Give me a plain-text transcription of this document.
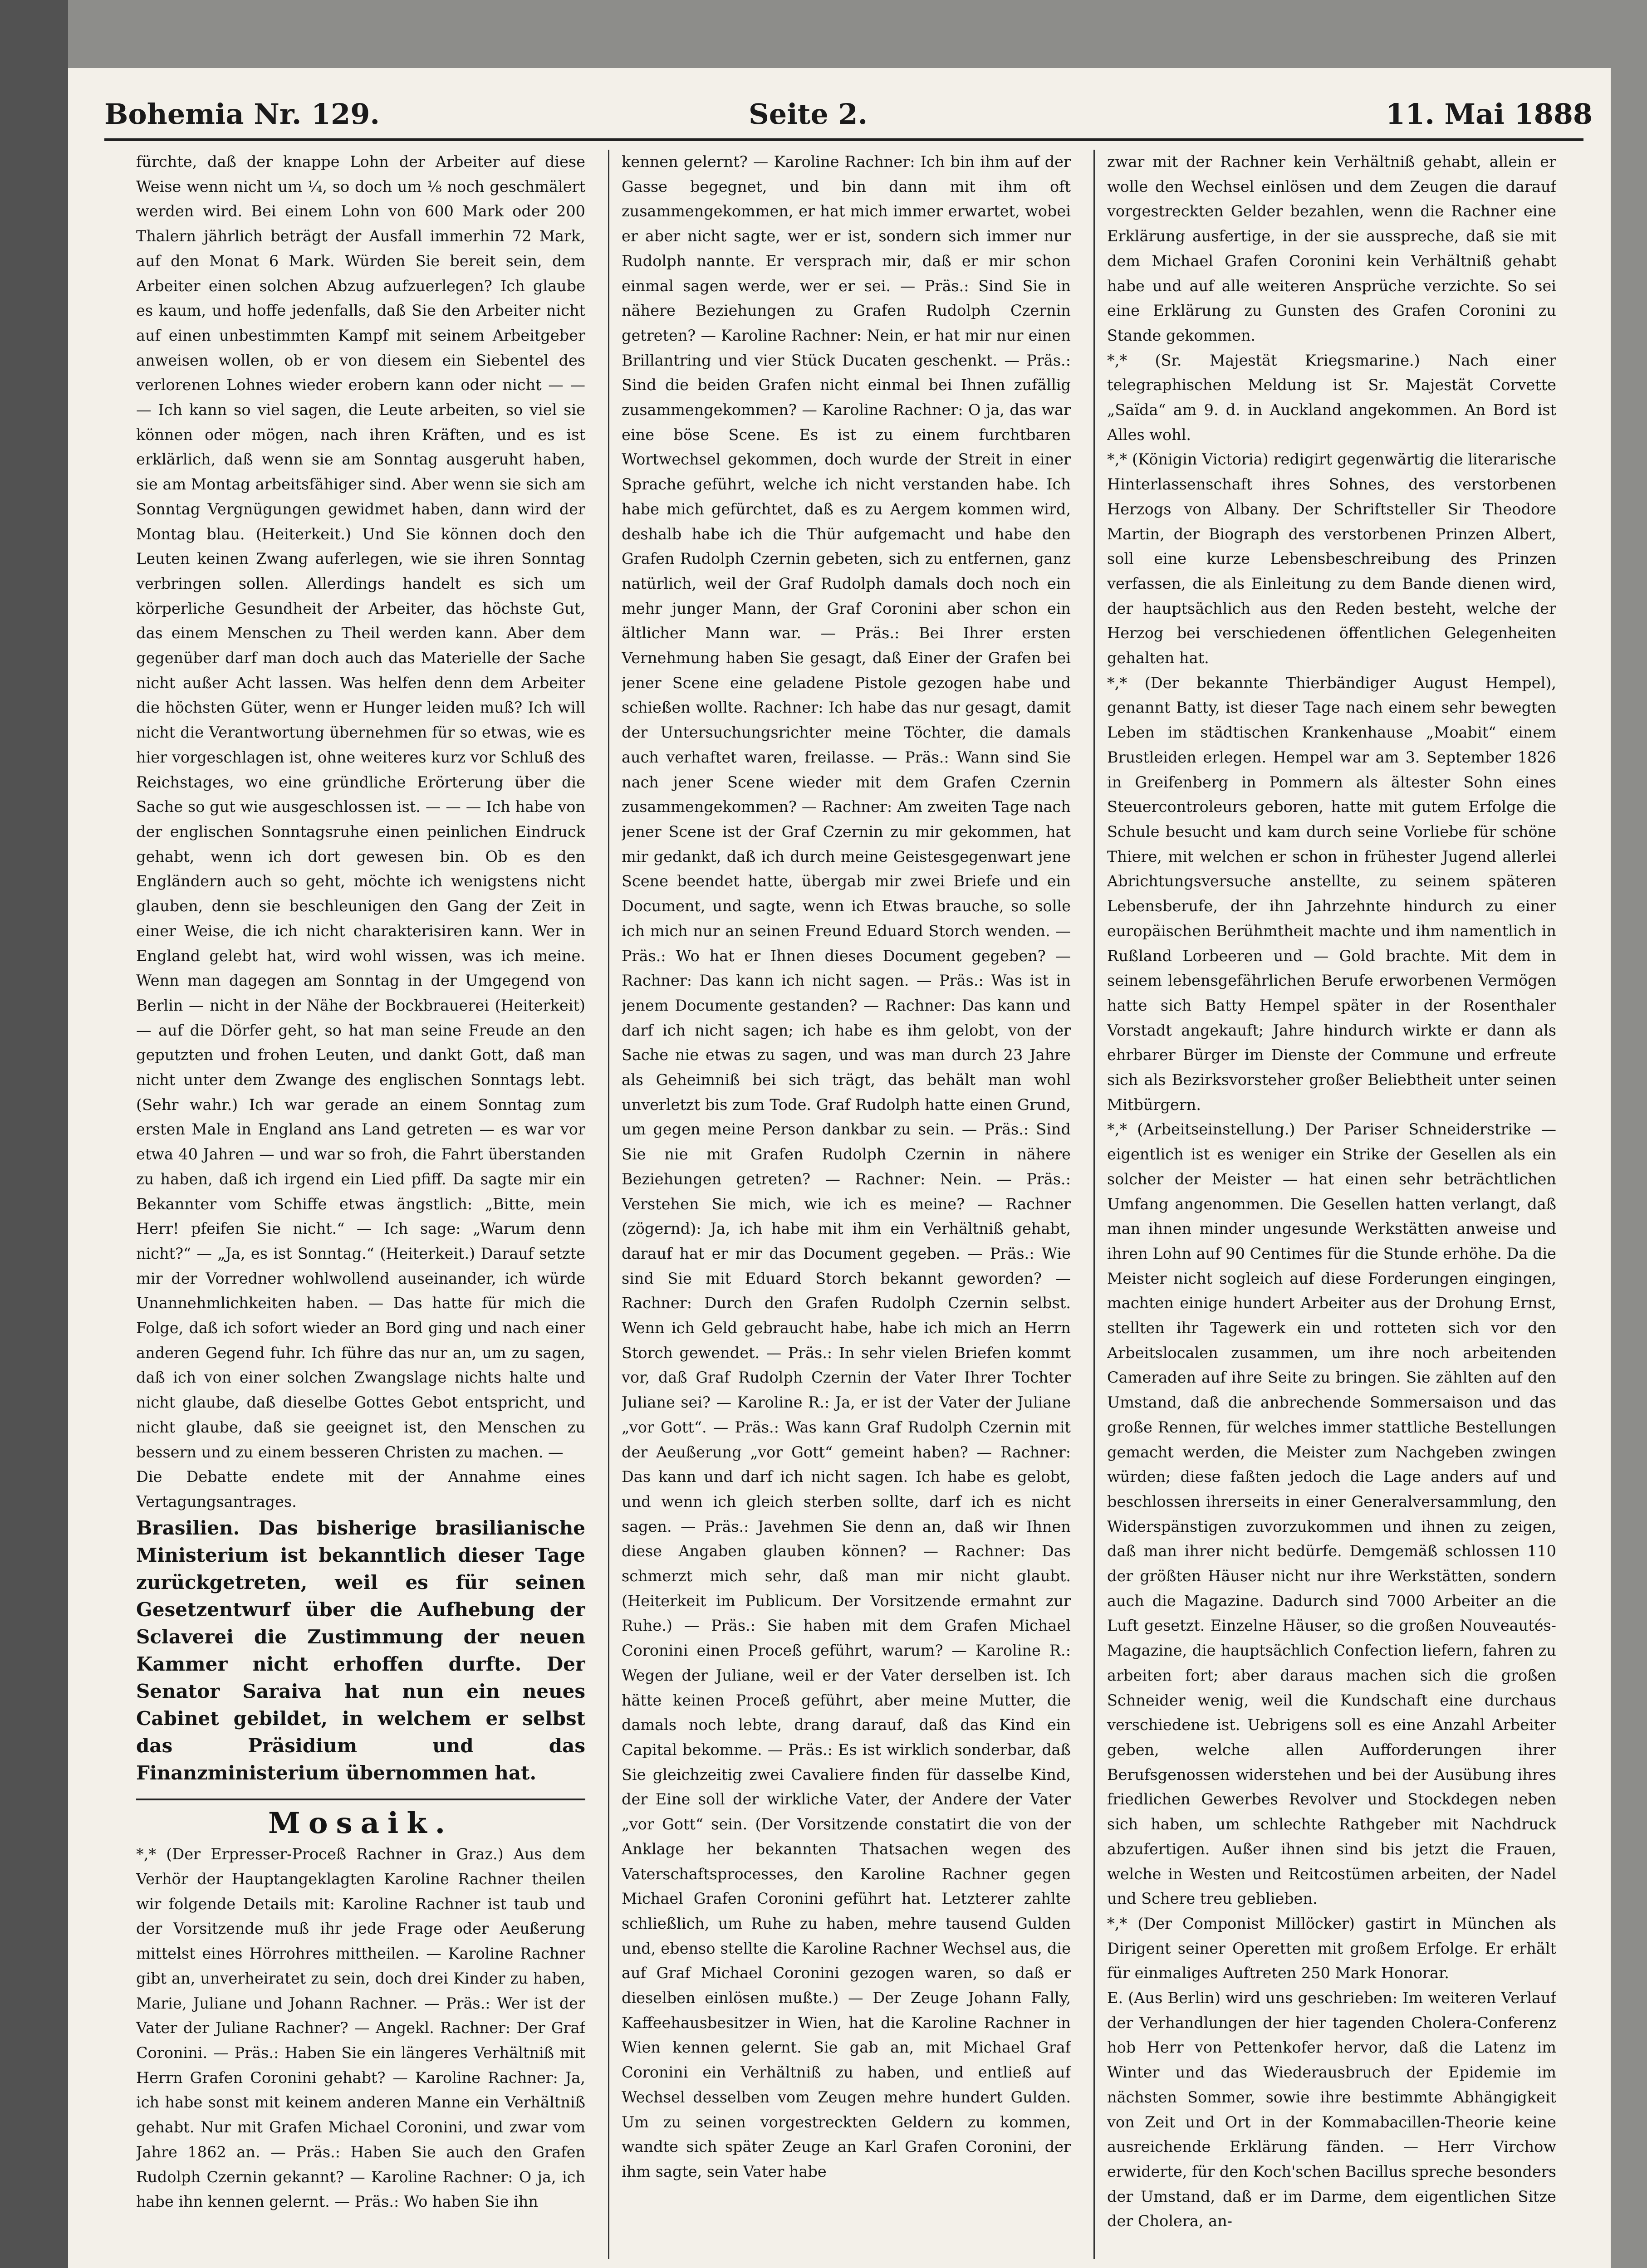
Bohemia Nr. 129.	Seite 2.	11. Mai 1888

fürchte, daß der knappe Lohn der Arbeiter auf diese Weise wenn nicht um ¼, so doch um ⅛ noch geschmälert werden wird. Bei einem Lohn von 600 Mark oder 200 Thalern jährlich beträgt der Ausfall immerhin 72 Mark, auf den Monat 6 Mark. Würden Sie bereit sein, dem Arbeiter einen solchen Abzug aufzuerlegen? Ich glaube es kaum, und hoffe jedenfalls, daß Sie den Arbeiter nicht auf einen unbestimmten Kampf mit seinem Arbeitgeber anweisen wollen, ob er von diesem ein Siebentel des verlorenen Lohnes wieder erobern kann oder nicht — — — Ich kann so viel sagen, die Leute arbeiten, so viel sie können oder mögen, nach ihren Kräften, und es ist erklärlich, daß wenn sie am Sonntag ausgeruht haben, sie am Montag arbeitsfähiger sind. Aber wenn sie sich am Sonntag Vergnügungen gewidmet haben, dann wird der Montag blau. (Heiterkeit.) Und Sie können doch den Leuten keinen Zwang auferlegen, wie sie ihren Sonntag verbringen sollen. Allerdings handelt es sich um körperliche Gesundheit der Arbeiter, das höchste Gut, das einem Menschen zu Theil werden kann. Aber dem gegenüber darf man doch auch das Materielle der Sache nicht außer Acht lassen. Was helfen denn dem Arbeiter die höchsten Güter, wenn er Hunger leiden muß? Ich will nicht die Verantwortung übernehmen für so etwas, wie es hier vorgeschlagen ist, ohne weiteres kurz vor Schluß des Reichstages, wo eine gründliche Erörterung über die Sache so gut wie ausgeschlossen ist. — — — Ich habe von der englischen Sonntagsruhe einen peinlichen Eindruck gehabt, wenn ich dort gewesen bin. Ob es den Engländern auch so geht, möchte ich wenigstens nicht glauben, denn sie beschleunigen den Gang der Zeit in einer Weise, die ich nicht charakterisiren kann. Wer in England gelebt hat, wird wohl wissen, was ich meine. Wenn man dagegen am Sonntag in der Umgegend von Berlin — nicht in der Nähe der Bockbrauerei (Heiterkeit) — auf die Dörfer geht, so hat man seine Freude an den geputzten und frohen Leuten, und dankt Gott, daß man nicht unter dem Zwange des englischen Sonntags lebt. (Sehr wahr.) Ich war gerade an einem Sonntag zum ersten Male in England ans Land getreten — es war vor etwa 40 Jahren — und war so froh, die Fahrt überstanden zu haben, daß ich irgend ein Lied pfiff. Da sagte mir ein Bekannter vom Schiffe etwas ängstlich: „Bitte, mein Herr! pfeifen Sie nicht.“ — Ich sage: „Warum denn nicht?“ — „Ja, es ist Sonntag.“ (Heiterkeit.) Darauf setzte mir der Vorredner wohlwollend auseinander, ich würde Unannehmlichkeiten haben. — Das hatte für mich die Folge, daß ich sofort wieder an Bord ging und nach einer anderen Gegend fuhr. Ich führe das nur an, um zu sagen, daß ich von einer solchen Zwangslage nichts halte und nicht glaube, daß dieselbe Gottes Gebot entspricht, und nicht glaube, daß sie geeignet ist, den Menschen zu bessern und zu einem besseren Christen zu machen. —

Die Debatte endete mit der Annahme eines Vertagungsantrages.

Brasilien. Das bisherige brasilianische Ministerium ist bekanntlich dieser Tage zurückgetreten, weil es für seinen Gesetzentwurf über die Aufhebung der Sclaverei die Zustimmung der neuen Kammer nicht erhoffen durfte. Der Senator Saraiva hat nun ein neues Cabinet gebildet, in welchem er selbst das Präsidium und das Finanzministerium übernommen hat.

Mosaik.

*,* (Der Erpresser-Proceß Rachner in Graz.) Aus dem Verhör der Hauptangeklagten Karoline Rachner theilen wir folgende Details mit: Karoline Rachner ist taub und der Vorsitzende muß ihr jede Frage oder Aeußerung mittelst eines Hörrohres mittheilen. — Karoline Rachner gibt an, unverheiratet zu sein, doch drei Kinder zu haben, Marie, Juliane und Johann Rachner. — Präs.: Wer ist der Vater der Juliane Rachner? — Angekl. Rachner: Der Graf Coronini. — Präs.: Haben Sie ein längeres Verhältniß mit Herrn Grafen Coronini gehabt? — Karoline Rachner: Ja, ich habe sonst mit keinem anderen Manne ein Verhältniß gehabt. Nur mit Grafen Michael Coronini, und zwar vom Jahre 1862 an. — Präs.: Haben Sie auch den Grafen Rudolph Czernin gekannt? — Karoline Rachner: O ja, ich habe ihn kennen gelernt. — Präs.: Wo haben Sie ihn

kennen gelernt? — Karoline Rachner: Ich bin ihm auf der Gasse begegnet, und bin dann mit ihm oft zusammengekommen, er hat mich immer erwartet, wobei er aber nicht sagte, wer er ist, sondern sich immer nur Rudolph nannte. Er versprach mir, daß er mir schon einmal sagen werde, wer er sei. — Präs.: Sind Sie in nähere Beziehungen zu Grafen Rudolph Czernin getreten? — Karoline Rachner: Nein, er hat mir nur einen Brillantring und vier Stück Ducaten geschenkt. — Präs.: Sind die beiden Grafen nicht einmal bei Ihnen zufällig zusammengekommen? — Karoline Rachner: O ja, das war eine böse Scene. Es ist zu einem furchtbaren Wortwechsel gekommen, doch wurde der Streit in einer Sprache geführt, welche ich nicht verstanden habe. Ich habe mich gefürchtet, daß es zu Aergem kommen wird, deshalb habe ich die Thür aufgemacht und habe den Grafen Rudolph Czernin gebeten, sich zu entfernen, ganz natürlich, weil der Graf Rudolph damals doch noch ein mehr junger Mann, der Graf Coronini aber schon ein ältlicher Mann war. — Präs.: Bei Ihrer ersten Vernehmung haben Sie gesagt, daß Einer der Grafen bei jener Scene eine geladene Pistole gezogen habe und schießen wollte. Rachner: Ich habe das nur gesagt, damit der Untersuchungsrichter meine Töchter, die damals auch verhaftet waren, freilasse. — Präs.: Wann sind Sie nach jener Scene wieder mit dem Grafen Czernin zusammengekommen? — Rachner: Am zweiten Tage nach jener Scene ist der Graf Czernin zu mir gekommen, hat mir gedankt, daß ich durch meine Geistesgegenwart jene Scene beendet hatte, übergab mir zwei Briefe und ein Document, und sagte, wenn ich Etwas brauche, so solle ich mich nur an seinen Freund Eduard Storch wenden. — Präs.: Wo hat er Ihnen dieses Document gegeben? — Rachner: Das kann ich nicht sagen. — Präs.: Was ist in jenem Documente gestanden? — Rachner: Das kann und darf ich nicht sagen; ich habe es ihm gelobt, von der Sache nie etwas zu sagen, und was man durch 23 Jahre als Geheimniß bei sich trägt, das behält man wohl unverletzt bis zum Tode. Graf Rudolph hatte einen Grund, um gegen meine Person dankbar zu sein. — Präs.: Sind Sie nie mit Grafen Rudolph Czernin in nähere Beziehungen getreten? — Rachner: Nein. — Präs.: Verstehen Sie mich, wie ich es meine? — Rachner (zögernd): Ja, ich habe mit ihm ein Verhältniß gehabt, darauf hat er mir das Document gegeben. — Präs.: Wie sind Sie mit Eduard Storch bekannt geworden? — Rachner: Durch den Grafen Rudolph Czernin selbst. Wenn ich Geld gebraucht habe, habe ich mich an Herrn Storch gewendet. — Präs.: In sehr vielen Briefen kommt vor, daß Graf Rudolph Czernin der Vater Ihrer Tochter Juliane sei? — Karoline R.: Ja, er ist der Vater der Juliane „vor Gott“. — Präs.: Was kann Graf Rudolph Czernin mit der Aeußerung „vor Gott“ gemeint haben? — Rachner: Das kann und darf ich nicht sagen. Ich habe es gelobt, und wenn ich gleich sterben sollte, darf ich es nicht sagen. — Präs.: Javehmen Sie denn an, daß wir Ihnen diese Angaben glauben können? — Rachner: Das schmerzt mich sehr, daß man mir nicht glaubt. (Heiterkeit im Publicum. Der Vorsitzende ermahnt zur Ruhe.) — Präs.: Sie haben mit dem Grafen Michael Coronini einen Proceß geführt, warum? — Karoline R.: Wegen der Juliane, weil er der Vater derselben ist. Ich hätte keinen Proceß geführt, aber meine Mutter, die damals noch lebte, drang darauf, daß das Kind ein Capital bekomme. — Präs.: Es ist wirklich sonderbar, daß Sie gleichzeitig zwei Cavaliere finden für dasselbe Kind, der Eine soll der wirkliche Vater, der Andere der Vater „vor Gott“ sein. (Der Vorsitzende constatirt die von der Anklage her bekannten Thatsachen wegen des Vaterschaftsprocesses, den Karoline Rachner gegen Michael Grafen Coronini geführt hat. Letzterer zahlte schließlich, um Ruhe zu haben, mehre tausend Gulden und, ebenso stellte die Karoline Rachner Wechsel aus, die auf Graf Michael Coronini gezogen waren, so daß er dieselben einlösen mußte.) — Der Zeuge Johann Fally, Kaffeehausbesitzer in Wien, hat die Karoline Rachner in Wien kennen gelernt. Sie gab an, mit Michael Graf Coronini ein Verhältniß zu haben, und entließ auf Wechsel desselben vom Zeugen mehre hundert Gulden. Um zu seinen vorgestreckten Geldern zu kommen, wandte sich später Zeuge an Karl Grafen Coronini, der ihm sagte, sein Vater habe

zwar mit der Rachner kein Verhältniß gehabt, allein er wolle den Wechsel einlösen und dem Zeugen die darauf vorgestreckten Gelder bezahlen, wenn die Rachner eine Erklärung ausfertige, in der sie ausspreche, daß sie mit dem Michael Grafen Coronini kein Verhältniß gehabt habe und auf alle weiteren Ansprüche verzichte. So sei eine Erklärung zu Gunsten des Grafen Coronini zu Stande gekommen.

*,* (Sr. Majestät Kriegsmarine.) Nach einer telegraphischen Meldung ist Sr. Majestät Corvette „Saïda“ am 9. d. in Auckland angekommen. An Bord ist Alles wohl.

*,* (Königin Victoria) redigirt gegenwärtig die literarische Hinterlassenschaft ihres Sohnes, des verstorbenen Herzogs von Albany. Der Schriftsteller Sir Theodore Martin, der Biograph des verstorbenen Prinzen Albert, soll eine kurze Lebensbeschreibung des Prinzen verfassen, die als Einleitung zu dem Bande dienen wird, der hauptsächlich aus den Reden besteht, welche der Herzog bei verschiedenen öffentlichen Gelegenheiten gehalten hat.

*,* (Der bekannte Thierbändiger August Hempel), genannt Batty, ist dieser Tage nach einem sehr bewegten Leben im städtischen Krankenhause „Moabit“ einem Brustleiden erlegen. Hempel war am 3. September 1826 in Greifenberg in Pommern als ältester Sohn eines Steuercontroleurs geboren, hatte mit gutem Erfolge die Schule besucht und kam durch seine Vorliebe für schöne Thiere, mit welchen er schon in frühester Jugend allerlei Abrichtungsversuche anstellte, zu seinem späteren Lebensberufe, der ihn Jahrzehnte hindurch zu einer europäischen Berühmtheit machte und ihm namentlich in Rußland Lorbeeren und — Gold brachte. Mit dem in seinem lebensgefährlichen Berufe erworbenen Vermögen hatte sich Batty Hempel später in der Rosenthaler Vorstadt angekauft; Jahre hindurch wirkte er dann als ehrbarer Bürger im Dienste der Commune und erfreute sich als Bezirksvorsteher großer Beliebtheit unter seinen Mitbürgern.

*,* (Arbeitseinstellung.) Der Pariser Schneiderstrike — eigentlich ist es weniger ein Strike der Gesellen als ein solcher der Meister — hat einen sehr beträchtlichen Umfang angenommen. Die Gesellen hatten verlangt, daß man ihnen minder ungesunde Werkstätten anweise und ihren Lohn auf 90 Centimes für die Stunde erhöhe. Da die Meister nicht sogleich auf diese Forderungen eingingen, machten einige hundert Arbeiter aus der Drohung Ernst, stellten ihr Tagewerk ein und rotteten sich vor den Arbeitslocalen zusammen, um ihre noch arbeitenden Cameraden auf ihre Seite zu bringen. Sie zählten auf den Umstand, daß die anbrechende Sommersaison und das große Rennen, für welches immer stattliche Bestellungen gemacht werden, die Meister zum Nachgeben zwingen würden; diese faßten jedoch die Lage anders auf und beschlossen ihrerseits in einer Generalversammlung, den Widerspänstigen zuvorzukommen und ihnen zu zeigen, daß man ihrer nicht bedürfe. Demgemäß schlossen 110 der größten Häuser nicht nur ihre Werkstätten, sondern auch die Magazine. Dadurch sind 7000 Arbeiter an die Luft gesetzt. Einzelne Häuser, so die großen Nouveautés-Magazine, die hauptsächlich Confection liefern, fahren zu arbeiten fort; aber daraus machen sich die großen Schneider wenig, weil die Kundschaft eine durchaus verschiedene ist. Uebrigens soll es eine Anzahl Arbeiter geben, welche allen Aufforderungen ihrer Berufsgenossen widerstehen und bei der Ausübung ihres friedlichen Gewerbes Revolver und Stockdegen neben sich haben, um schlechte Rathgeber mit Nachdruck abzufertigen. Außer ihnen sind bis jetzt die Frauen, welche in Westen und Reitcostümen arbeiten, der Nadel und Schere treu geblieben.

*,* (Der Componist Millöcker) gastirt in München als Dirigent seiner Operetten mit großem Erfolge. Er erhält für einmaliges Auftreten 250 Mark Honorar.

E. (Aus Berlin) wird uns geschrieben: Im weiteren Verlauf der Verhandlungen der hier tagenden Cholera-Conferenz hob Herr von Pettenkofer hervor, daß die Latenz im Winter und das Wiederausbruch der Epidemie im nächsten Sommer, sowie ihre bestimmte Abhängigkeit von Zeit und Ort in der Kommabacillen-Theorie keine ausreichende Erklärung fänden. — Herr Virchow erwiderte, für den Koch'schen Bacillus spreche besonders der Umstand, daß er im Darme, dem eigentlichen Sitze der Cholera, an-
